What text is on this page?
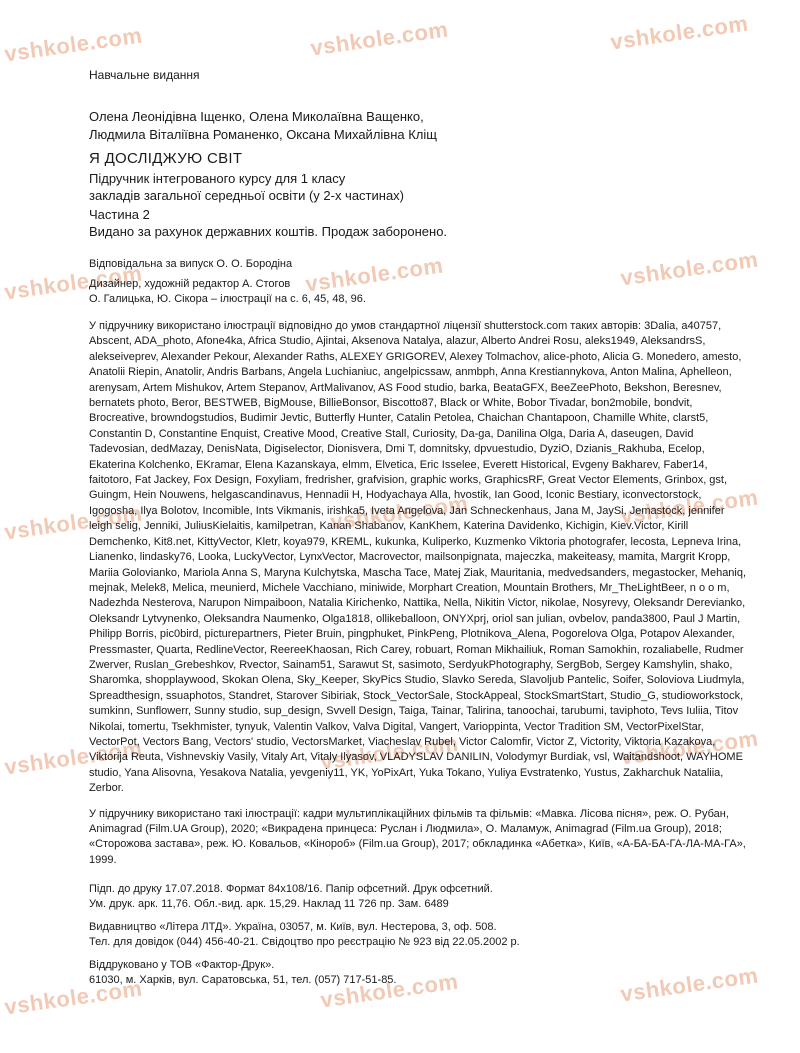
vshkole.com	vshkole.com	vshkole.com
vshkole.com	vshkole.com	vshkole.com
vshkole.com	vshkole.com	vshkole.com
vshkole.com	vshkole.com	vshkole.com
vshkole.com	vshkole.com	vshkole.com

Навчальне видання

Олена Леонідівна Іщенко, Олена Миколаївна Ващенко,

Людмила Віталіївна Романенко, Оксана Михайлівна Кліщ

Я ДОСЛІДЖУЮ СВІТ

Підручник інтегрованого курсу для 1 класу

закладів загальної середньої освіти (у 2-х частинах)

Частина 2

Видано за рахунок державних коштів. Продаж заборонено.

Відповідальна за випуск О. О. Бородіна

Дизайнер, художній редактор А. Стогов

О. Галицька, Ю. Сікора – ілюстрації на с. 6, 45, 48, 96.

У підручнику використано ілюстрації відповідно до умов стандартної ліцензії shutterstock.com таких авторів: 3Dalia, a40757, Abscent, ADA_photo, Afone4ka, Africa Studio, Ajintai, Aksenova Natalya, alazur, Alberto Andrei Rosu, aleks1949, AleksandrsS, alekseiveprev, Alexander Pekour, Alexander Raths, ALEXEY GRIGOREV, Alexey Tolmachov, alice-photo, Alicia G. Monedero, amesto, Anatolii Riepin, Anatolir, Andris Barbans, Angela Luchianiuc, angelpicssaw, anmbph, Anna Krestiannykova, Anton Malina, Aphelleon, arenysam, Artem Mishukov, Artem Stepanov, ArtMalivanov, AS Food studio, barka, BeataGFX, BeeZeePhoto, Bekshon, Beresnev, bernatets photo, Beror, BESTWEB, BigMouse, BillieBonsor, Biscotto87, Black or White, Bobor Tivadar, bon2mobile, bondvit, Brocreative, browndogstudios, Budimir Jevtic, Butterfly Hunter, Catalin Petolea, Chaichan Chantapoon, Chamille White, clarst5, Constantin D, Constantine Enquist, Creative Mood, Creative Stall, Curiosity, Da-ga, Danilina Olga, Daria A, daseugen, David Tadevosian, dedMazay, DenisNata, Digiselector, Dionisvera, Dmi T, domnitsky, dpvuestudio, DyziO, Dzianis_Rakhuba, Ecelop, Ekaterina Kolchenko, EKramar, Elena Kazanskaya, elmm, Elvetica, Eric Isselee, Everett Historical, Evgeny Bakharev, Faber14, faitotoro, Fat Jackey, Fox Design, Foxyliam, fredrisher, grafvision, graphic works, GraphicsRF, Great Vector Elements, Grinbox, gst, Guingm, Hein Nouwens, helgascandinavus, Hennadii H, Hodyachaya Alla, hvostik, Ian Good, Iconic Bestiary, iconvectorstock, Igogosha, Ilya Bolotov, Incomible, Ints Vikmanis, irishka5, Iveta Angelova, Jan Schneckenhaus, Jana M, JaySi, Jemastock, jennifer leigh selig, Jenniki, JuliusKielaitis, kamilpetran, Kanan Shabanov, KanKhem, Katerina Davidenko, Kichigin, Kiev.Victor, Kirill Demchenko, Kit8.net, KittyVector, Kletr, koya979, KREML, kukunka, Kuliperko, Kuzmenko Viktoria photografer, lecosta, Lepneva Irina, Lianenko, lindasky76, Looka, LuckyVector, LynxVector, Macrovector, mailsonpignata, majeczka, makeiteasy, mamita, Margrit Kropp, Mariia Golovianko, Mariola Anna S, Maryna Kulchytska, Mascha Tace, Matej Ziak, Mauritania, medvedsanders, megastocker, Mehaniq, mejnak, Melek8, Melica, meunierd, Michele Vacchiano, miniwide, Morphart Creation, Mountain Brothers, Mr_TheLightBeer, n o o m, Nadezhda Nesterova, Narupon Nimpaiboon, Natalia Kirichenko, Nattika, Nella, Nikitin Victor, nikolae, Nosyrevy, Oleksandr Derevianko, Oleksandr Lytvynenko, Oleksandra Naumenko, Olga1818, ollikeballoon, ONYXprj, oriol san julian, ovbelov, panda3800, Paul J Martin, Philipp Borris, pic0bird, picturepartners, Pieter Bruin, pingphuket, PinkPeng, Plotnikova_Alena, Pogorelova Olga, Potapov Alexander, Pressmaster, Quarta, RedlineVector, ReereeKhaosan, Rich Carey, robuart, Roman Mikhailiuk, Roman Samokhin, rozaliabelle, Rudmer Zwerver, Ruslan_Grebeshkov, Rvector, Sainam51, Sarawut St, sasimoto, SerdyukPhotography, SergBob, Sergey Kamshylin, shako, Sharomka, shopplaywood, Skokan Olena, Sky_Keeper, SkyPics Studio, Slavko Sereda, Slavoljub Pantelic, Soifer, Soloviova Liudmyla, Spreadthesign, ssuaphotos, Standret, Starover Sibiriak, Stock_VectorSale, StockAppeal, StockSmartStart, Studio_G, studioworkstock, sumkinn, Sunflowerr, Sunny studio, sup_design, Svvell Design, Taiga, Tainar, Talirina, tanoochai, tarubumi, taviphoto, Tevs Iuliia, Titov Nikolai, tomertu, Tsekhmister, tynyuk, Valentin Valkov, Valva Digital, Vangert, Varioppinta, Vector Tradition SM, VectorPixelStar, VectorPot, Vectors Bang, Vectors' studio, VectorsMarket, Viacheslav Rubel, Victor Calomfir, Victor Z, Victority, Viktoria Kazakova, Viktorija Reuta, Vishnevskiy Vasily, Vitaly Art, Vitaly Ilyasov, VLADYSLAV DANILIN, Volodymyr Burdiak, vsl, Waitandshoot, WAYHOME studio, Yana Alisovna, Yesakova Natalia, yevgeniy11, YK, YoPixArt, Yuka Tokano, Yuliya Evstratenko, Yustus, Zakharchuk Nataliia, Zerbor.

У підручнику використано такі ілюстрації: кадри мультиплікаційних фільмів та фільмів: «Мавка. Лісова пісня», реж. О. Рубан, Animagrad (Film.UA Group), 2020; «Викрадена принцеса: Руслан і Людмила», О. Маламуж, Animagrad (Film.ua Group), 2018; «Сторожова застава», реж. Ю. Ковальов, «Кінороб» (Film.ua Group), 2017; обкладинка «Абетка», Київ, «А-БА-БА-ГА-ЛА-МА-ГА», 1999.

Підп. до друку 17.07.2018. Формат 84х108/16. Папір офсетний. Друк офсетний.

Ум. друк. арк. 11,76. Обл.-вид. арк. 15,29. Наклад 11 726 пр. Зам. 6489

Видавництво «Літера ЛТД». Україна, 03057, м. Київ, вул. Нестерова, 3, оф. 508.

Тел. для довідок (044) 456-40-21. Свідоцтво про реєстрацію № 923 від 22.05.2002 р.

Віддруковано у ТОВ «Фактор-Друк».

61030, м. Харків, вул. Саратовська, 51, тел. (057) 717-51-85.
